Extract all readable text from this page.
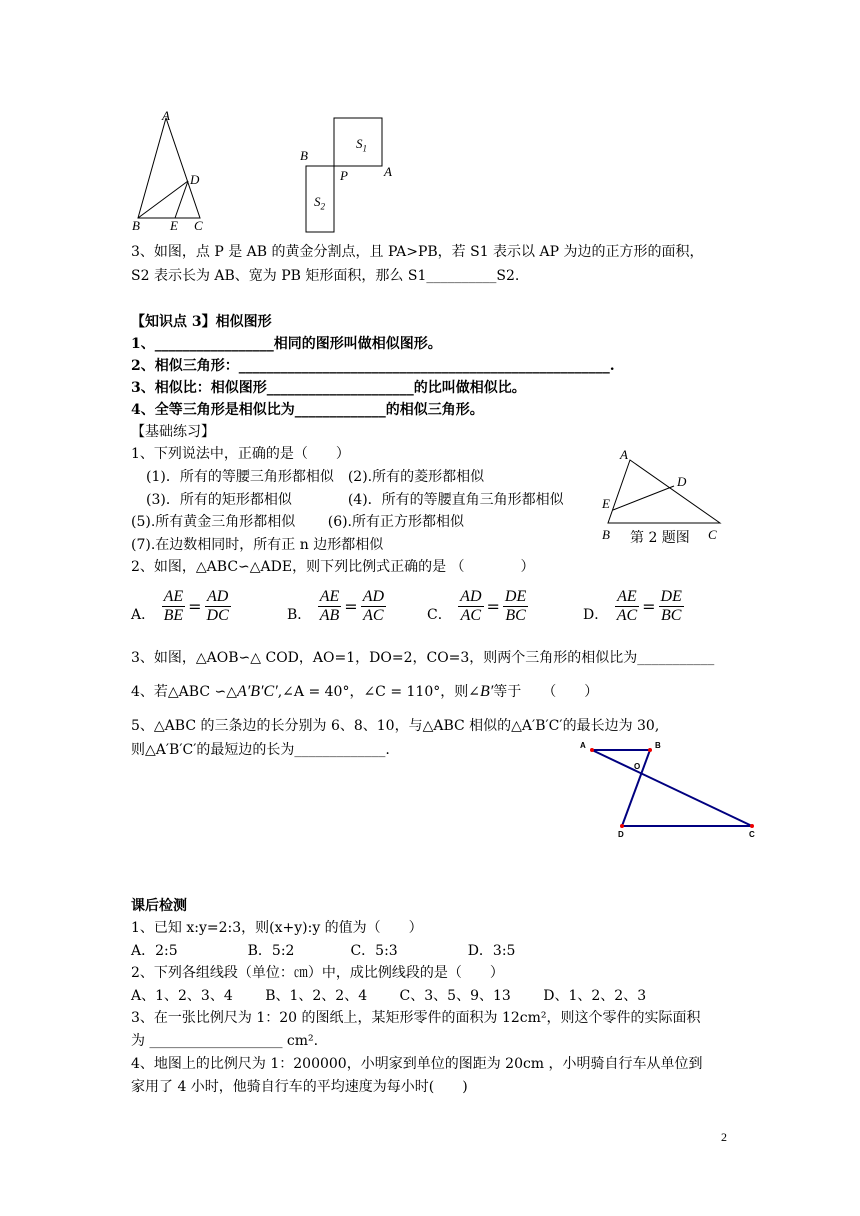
A
D
B E C
$S_1$
B
P	A
$S_2$
3、如图，点 P 是 AB 的黄金分割点，且 PA>PB，若 S1 表示以 AP 为边的正方形的面积，
S2 表示长为 AB、宽为 PB 矩形面积，那么 S1__________S2.
【知识点 3】相似图形
1、_________________相同的图形叫做相似图形。
2、相似三角形：_____________________________________________________.
3、相似比：相似图形_____________________的比叫做相似比。
4、全等三角形是相似比为_____________的相似三角形。
【基础练习】
1、下列说法中，正确的是（　　）
(1)．所有的等腰三角形都相似　(2).所有的菱形都相似
(3)．所有的矩形都相似　　　　(4)．所有的等腰直角三角形都相似
(5).所有黄金三角形都相似　　 (6).所有正方形都相似
(7).在边数相同时，所有正 n 边形都相似
A
D
E
B 第 2 题图 C
2、如图，△ABC∽△ADE，则下列比例式正确的是 （　　　　）
A． $\frac{AE}{BE} = \frac{AD}{DC}$	B． $\frac{AE}{AB} = \frac{AD}{AC}$	C． $\frac{AD}{AC} = \frac{DE}{BC}$	D． $\frac{AE}{AC} = \frac{DE}{BC}$
3、如图，△AOB∽△ COD，AO=1，DO=2，CO=3，则两个三角形的相似比为___________
4、若△ABC ∽△A′B′C′,∠A = 40°，∠C = 110°，则∠B′等于　　（　　）
5、△ABC 的三条边的长分别为 6、8、10，与△ABC 相似的△A′B′C′的最长边为 30,
则△A′B′C′的最短边的长为_____________.	A	B
O
D	C
课后检测
1、已知 x:y=2:3，则(x+y):y 的值为（　　）
A．2:5　　　　　B．5:2　　　　C．5:3　　　　　D．3:5
2、下列各组线段（单位：㎝）中，成比例线段的是（　　）
A、1、2、3、4　　 B、1、2、2、4　　 C、3、5、9、13　　 D、1、2、2、3
3、在一张比例尺为 1：20 的图纸上，某矩形零件的面积为 12cm²，则这个零件的实际面积
为 ___________________ cm².
4、地图上的比例尺为 1：200000，小明家到单位的图距为 20cm ，小明骑自行车从单位到
家用了 4 小时，他骑自行车的平均速度为每小时(　　)
2
